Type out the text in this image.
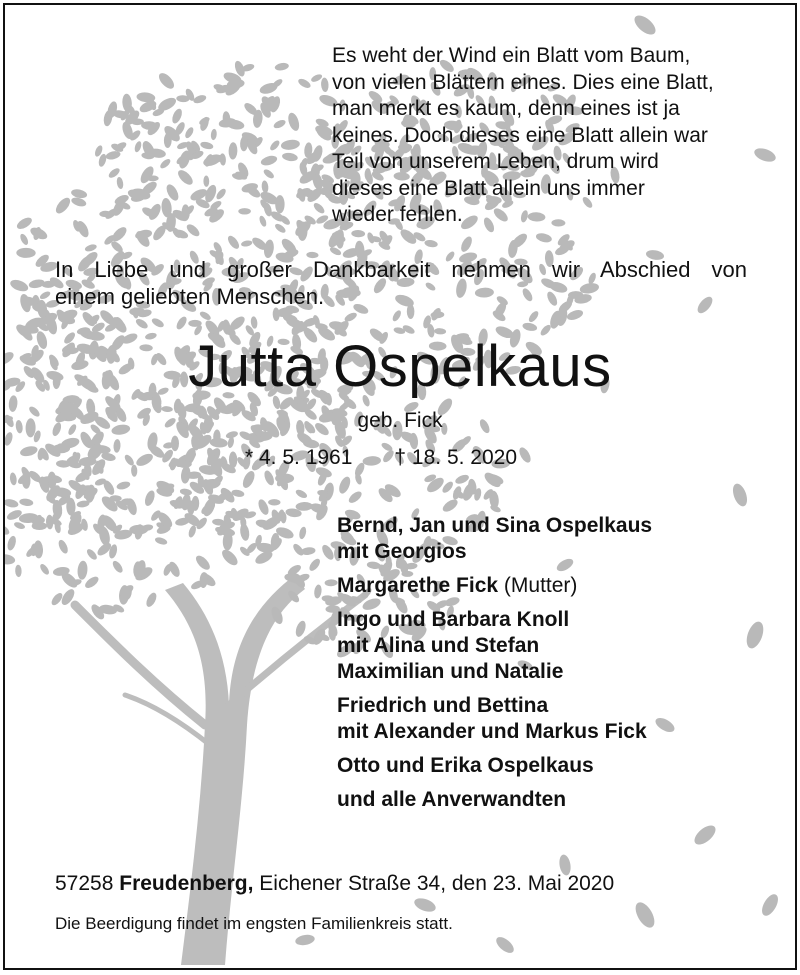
Es weht der Wind ein Blatt vom Baum,
von vielen Blättern eines. Dies eine Blatt,
man merkt es kaum, denn eines ist ja
keines. Doch dieses eine Blatt allein war
Teil von unserem Leben, drum wird
dieses eine Blatt allein uns immer
wieder fehlen.
In Liebe und großer Dankbarkeit nehmen wir Abschied von
einem geliebten Menschen.
Jutta Ospelkaus
geb. Fick
* 4. 5. 1961 † 18. 5. 2020
Bernd, Jan und Sina Ospelkaus
mit Georgios
Margarethe Fick (Mutter)
Ingo und Barbara Knoll
mit Alina und Stefan
Maximilian und Natalie
Friedrich und Bettina
mit Alexander und Markus Fick
Otto und Erika Ospelkaus
und alle Anverwandten
57258 Freudenberg, Eichener Straße 34, den 23. Mai 2020
Die Beerdigung findet im engsten Familienkreis statt.
